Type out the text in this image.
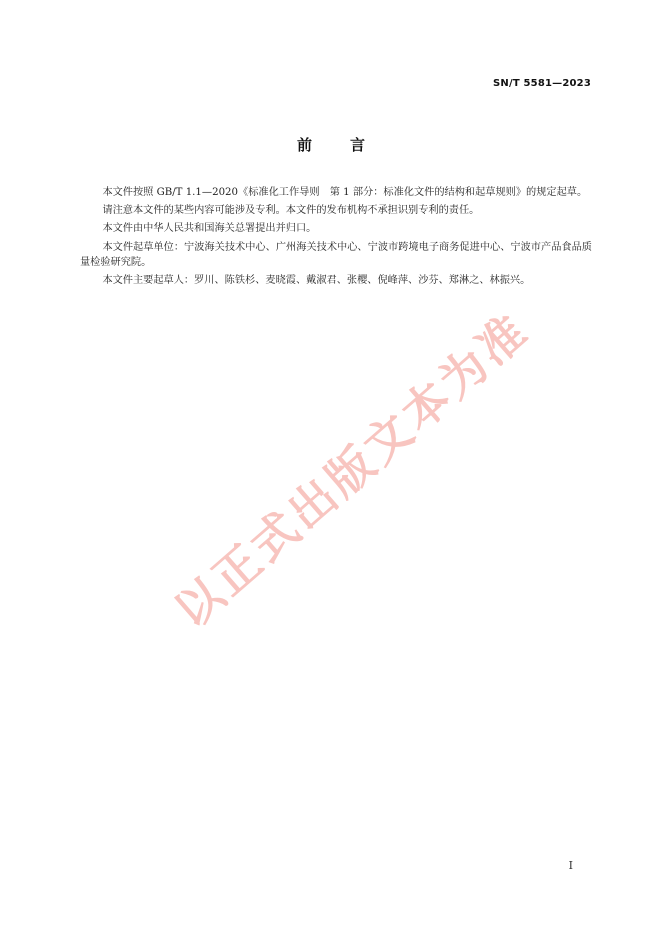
SN/T 5581—2023
前言

本文件按照 GB/T 1.1—2020《标准化工作导则　第 1 部分：标准化文件的结构和起草规则》的规定起草。

请注意本文件的某些内容可能涉及专利。本文件的发布机构不承担识别专利的责任。

本文件由中华人民共和国海关总署提出并归口。

本文件起草单位：宁波海关技术中心、广州海关技术中心、宁波市跨境电子商务促进中心、宁波市产品食品质量检验研究院。

本文件主要起草人：罗川、陈铁杉、麦晓霞、戴淑君、张樱、倪峰萍、沙芬、郑淋之、林振兴。

以正式出版文本为准
I
